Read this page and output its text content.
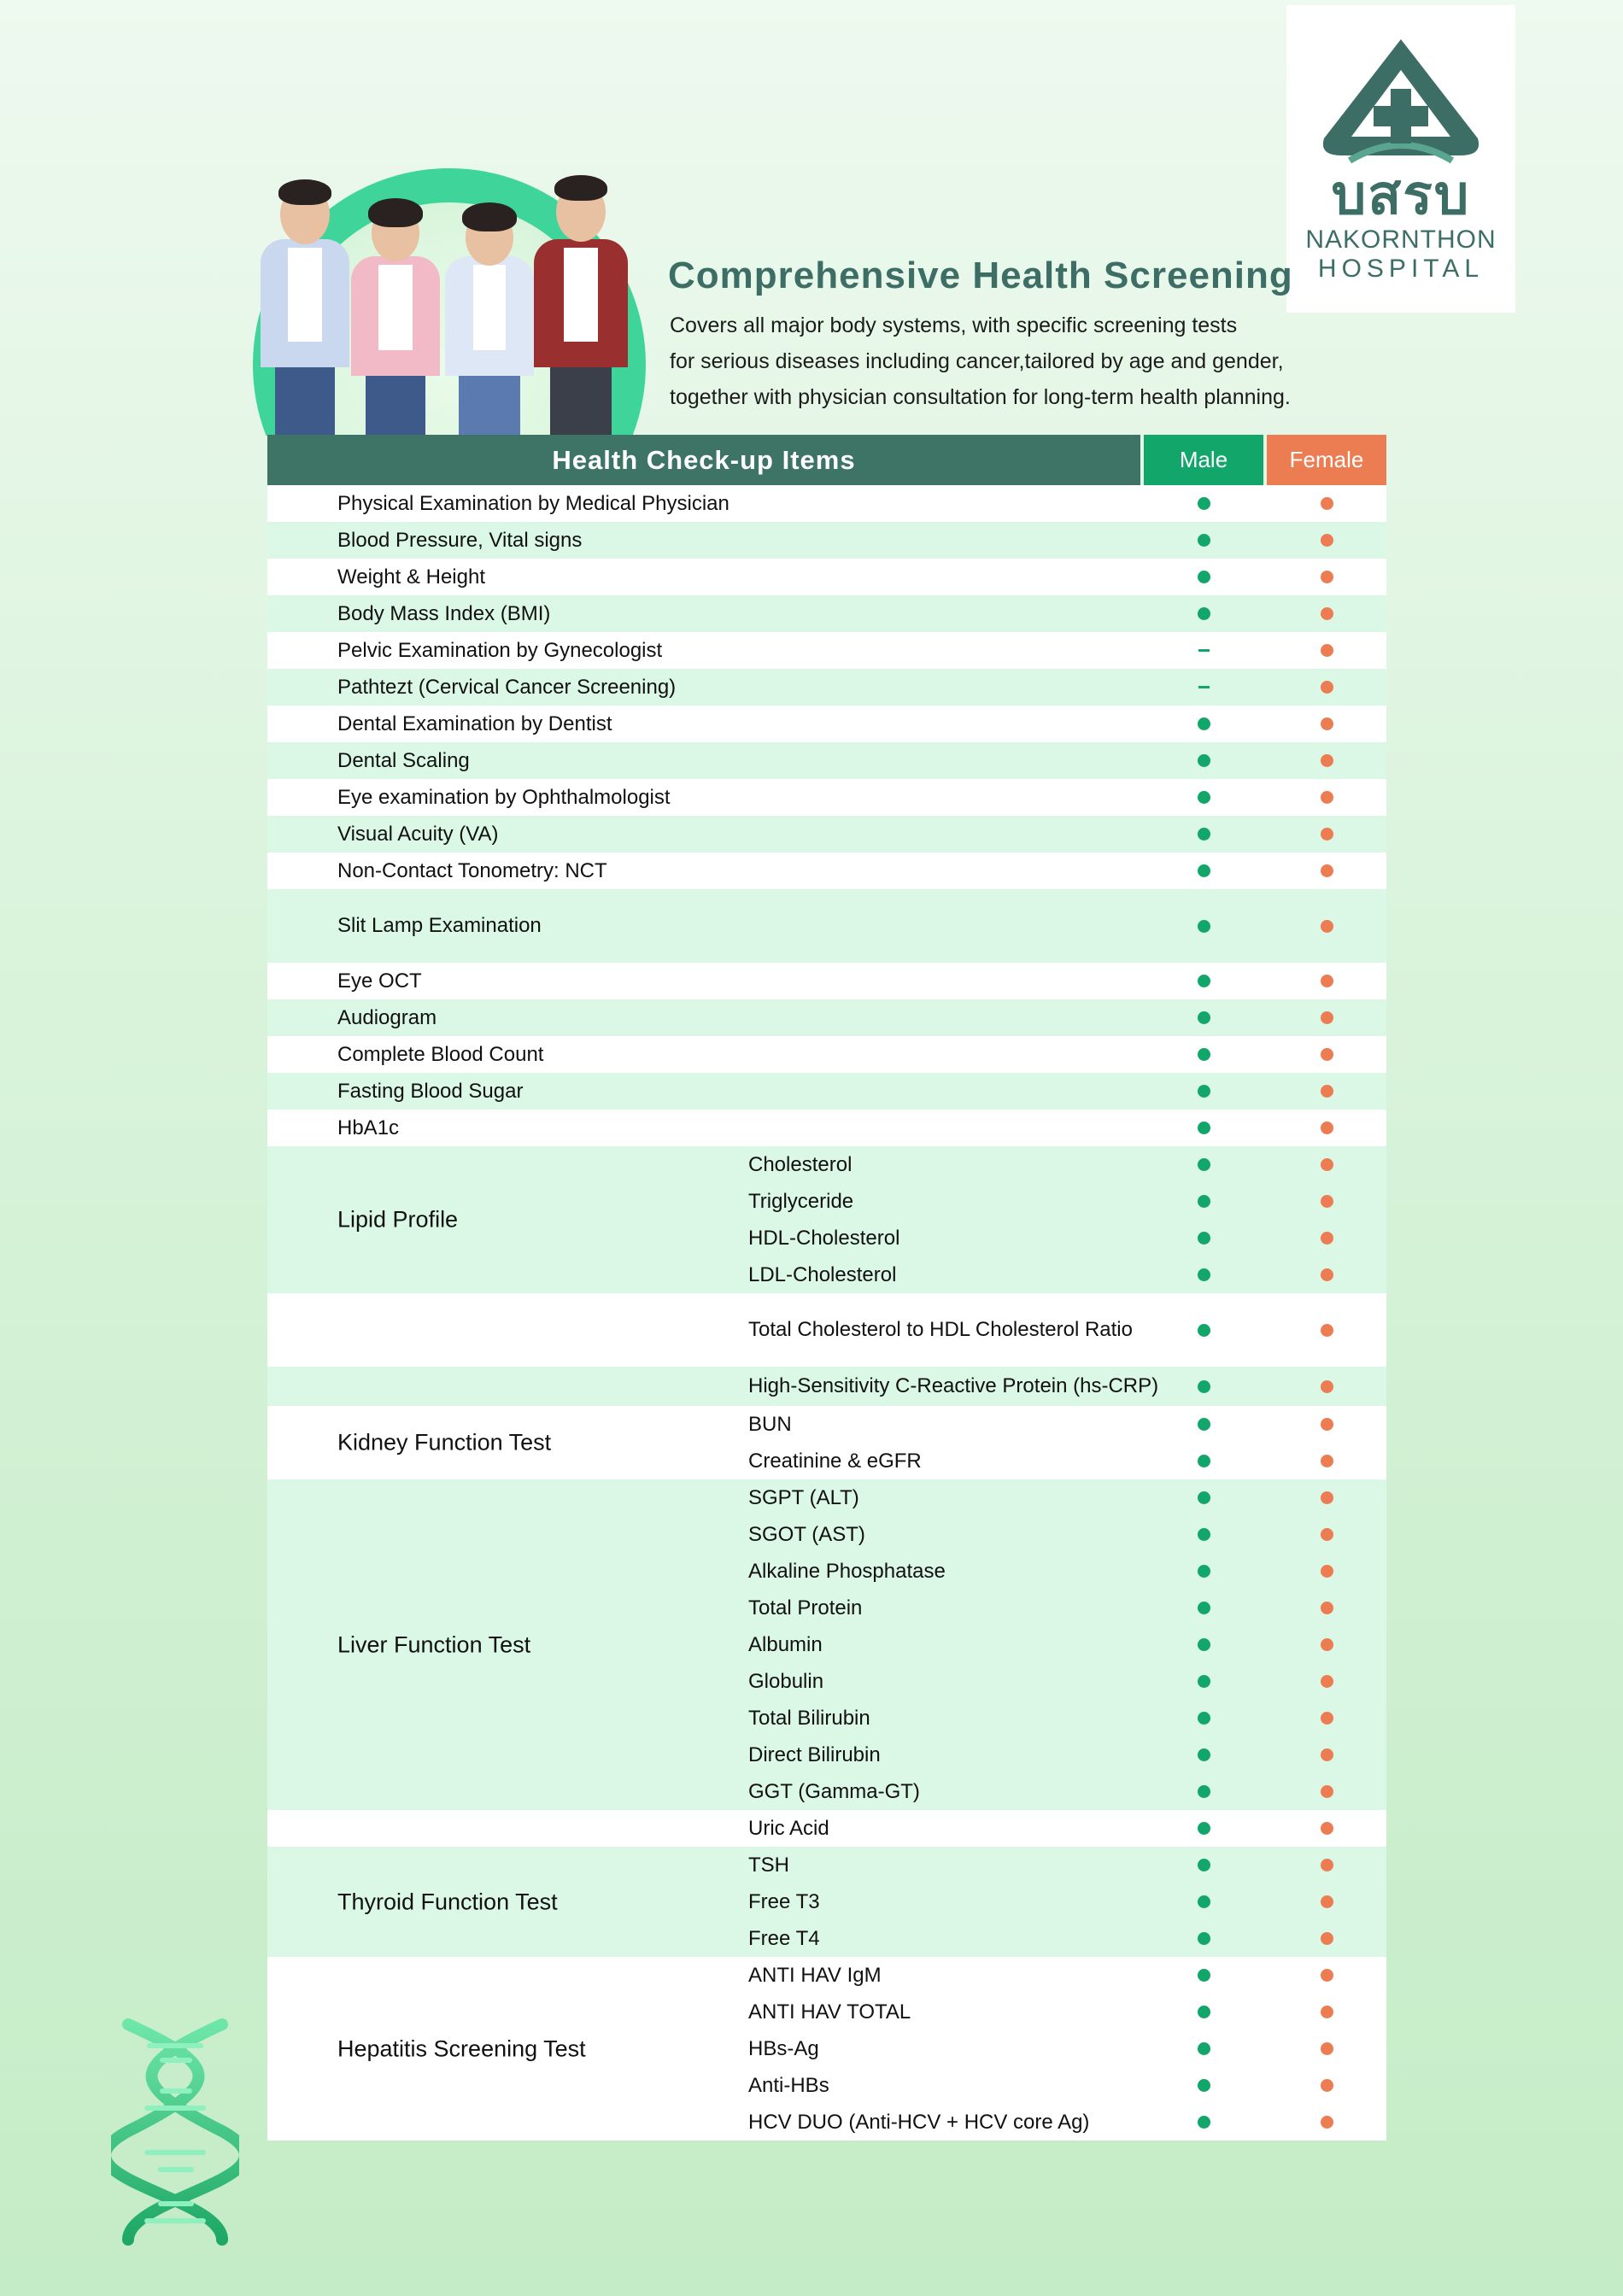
บสรบ
NAKORNTHON
HOSPITAL
Comprehensive Health Screening
Covers all major body systems, with specific screening tests
for serious diseases including cancer,tailored by age and gender,
together with physician consultation for long-term health planning.
Health Check-up Items	Male	Female
Physical Examination by Medical Physician
Blood Pressure, Vital signs
Weight & Height
Body Mass Index (BMI)
Pelvic Examination by Gynecologist
Pathtezt (Cervical Cancer Screening)
Dental Examination by Dentist
Dental Scaling
Eye examination by Ophthalmologist
Visual Acuity (VA)
Non-Contact Tonometry: NCT
Slit Lamp Examination
Eye OCT
Audiogram
Complete Blood Count
Fasting Blood Sugar
HbA1c
Cholesterol
Triglyceride
HDL-Cholesterol
LDL-Cholesterol
Lipid Profile
Total Cholesterol to HDL Cholesterol Ratio
High-Sensitivity C-Reactive Protein (hs-CRP)
BUN
Creatinine & eGFR
Kidney Function Test
SGPT (ALT)
SGOT (AST)
Alkaline Phosphatase
Total Protein
Albumin
Globulin
Total Bilirubin
Direct Bilirubin
GGT (Gamma-GT)
Liver Function Test
Uric Acid
TSH
Free T3
Free T4
Thyroid Function Test
ANTI HAV IgM
ANTI HAV TOTAL
HBs-Ag
Anti-HBs
HCV DUO (Anti-HCV + HCV core Ag)
Hepatitis Screening Test
